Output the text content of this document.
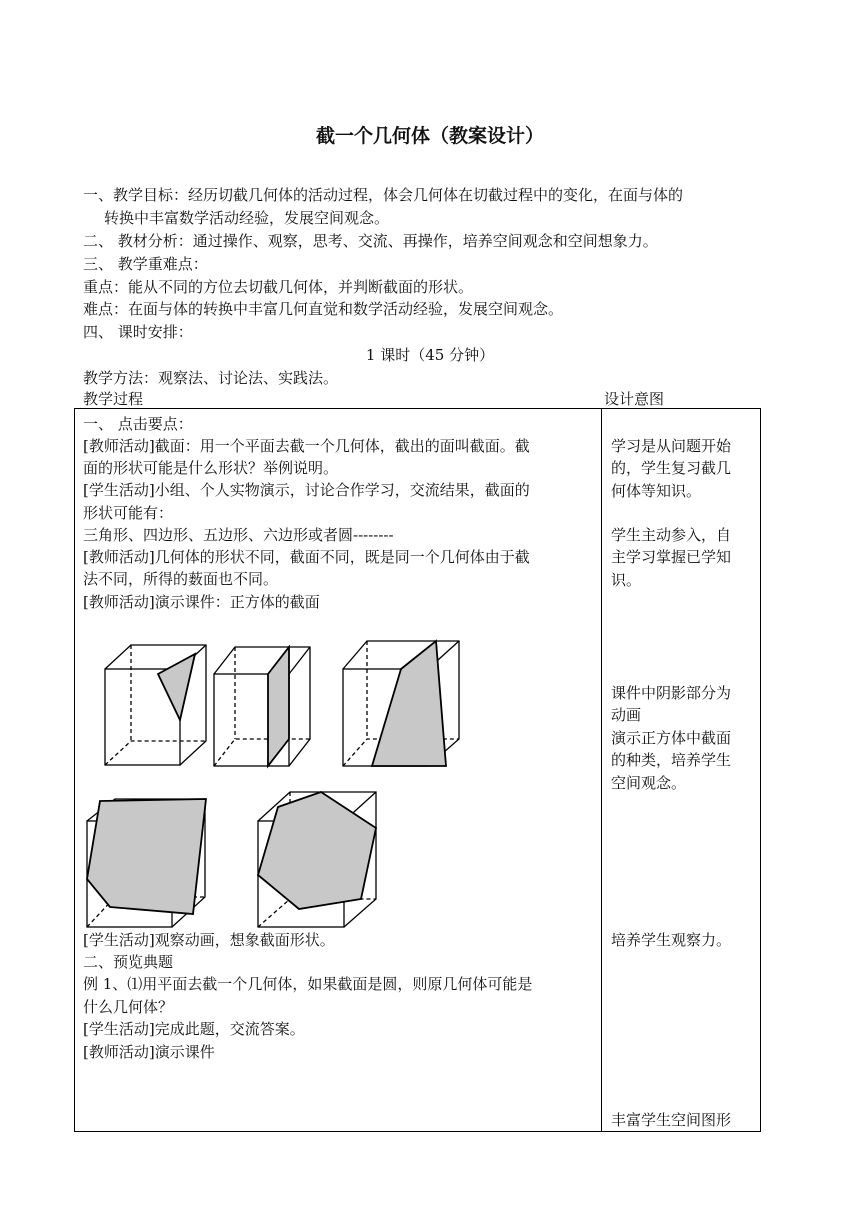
截一个几何体（教案设计）
一、教学目标：经历切截几何体的活动过程，体会几何体在切截过程中的变化，在面与体的
转换中丰富数学活动经验，发展空间观念。
二、 教材分析：通过操作、观察，思考、交流、再操作，培养空间观念和空间想象力。
三、 教学重难点：
重点：能从不同的方位去切截几何体，并判断截面的形状。
难点：在面与体的转换中丰富几何直觉和数学活动经验，发展空间观念。
四、 课时安排：
1 课时（45 分钟）
教学方法：观察法、讨论法、实践法。
教学过程	设计意图
一、 点击要点：
[教师活动]截面：用一个平面去截一个几何体，截出的面叫截面。截
面的形状可能是什么形状？举例说明。
[学生活动]小组、个人实物演示，讨论合作学习，交流结果，截面的
形状可能有：
三角形、四边形、五边形、六边形或者圆--------
[教师活动]几何体的形状不同，截面不同，既是同一个几何体由于截
法不同，所得的薮面也不同。
[教师活动]演示课件：正方体的截面
[学生活动]观察动画，想象截面形状。
二、预览典题
例 1、⑴用平面去截一个几何体，如果截面是圆，则原几何体可能是
什么几何体？
[学生活动]完成此题，交流答案。
[教师活动]演示课件
学习是从问题开始
的，学生复习截几
何体等知识。
学生主动参入，自
主学习掌握已学知
识。
课件中阴影部分为
动画
演示正方体中截面
的种类，培养学生
空间观念。
培养学生观察力。
丰富学生空间图形
